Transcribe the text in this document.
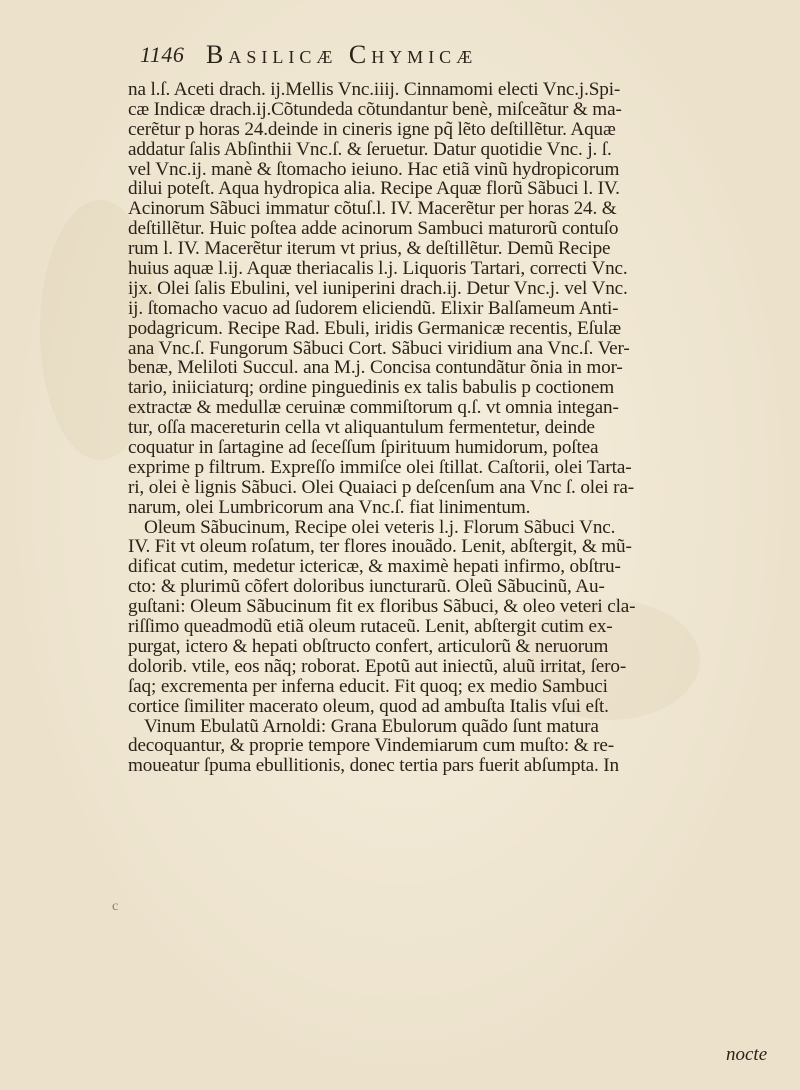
1146 Basilicæ Chymicæ
na l.ſ. Aceti drach. ij.Mellis Vnc.iiij. Cinnamomi electi Vnc.j.Spi-
cæ Indicæ drach.ij.Cõtundeda cõtundantur benè, miſceãtur & ma-
cerẽtur p horas 24.deinde in cineris igne pq̃ lẽto deſtillẽtur. Aquæ
addatur ſalis Abſinthii Vnc.ſ. & ſeruetur. Datur quotidie Vnc. j. ſ.
vel Vnc.ij. manè & ſtomacho ieiuno. Hac etiã vinũ hydropicorum
dilui poteſt. Aqua hydropica alia. Recipe Aquæ florũ Sãbuci l. IV.
Acinorum Sãbuci immatur cõtuſ.l. IV. Macerẽtur per horas 24. &
deſtillẽtur. Huic poſtea adde acinorum Sambuci maturorũ contuſo
rum l. IV. Macerẽtur iterum vt prius, & deſtillẽtur. Demũ Recipe
huius aquæ l.ij. Aquæ theriacalis l.j. Liquoris Tartari, correcti Vnc.
ijx. Olei ſalis Ebulini, vel iuniperini drach.ij. Detur Vnc.j. vel Vnc.
ij. ſtomacho vacuo ad ſudorem eliciendũ. Elixir Balſameum Anti-
podagricum. Recipe Rad. Ebuli, iridis Germanicæ recentis, Eſulæ
ana Vnc.ſ. Fungorum Sãbuci Cort. Sãbuci viridium ana Vnc.ſ. Ver-
benæ, Meliloti Succul. ana M.j. Concisa contundãtur õnia in mor-
tario, iniiciaturq; ordine pinguedinis ex talis babulis p coctionem
extractæ & medullæ ceruinæ commiſtorum q.ſ. vt omnia integan-
tur, oſſa macereturin cella vt aliquantulum fermentetur, deinde
coquatur in ſartagine ad ſeceſſum ſpirituum humidorum, poſtea
exprime p filtrum. Expreſſo immiſce olei ſtillat. Caſtorii, olei Tarta-
ri, olei è lignis Sãbuci. Olei Quaiaci p deſcenſum ana Vnc ſ. olei ra-
narum, olei Lumbricorum ana Vnc.ſ. fiat linimentum.
Oleum Sãbucinum, Recipe olei veteris l.j. Florum Sãbuci Vnc.
IV. Fit vt oleum roſatum, ter flores inouãdo. Lenit, abſtergit, & mũ-
dificat cutim, medetur ictericæ, & maximè hepati infirmo, obſtru-
cto: & plurimũ cõfert doloribus iuncturarũ. Oleũ Sãbucinũ, Au-
guſtani: Oleum Sãbucinum fit ex floribus Sãbuci, & oleo veteri cla-
riſſimo queadmodũ etiã oleum rutaceũ. Lenit, abſtergit cutim ex-
purgat, ictero & hepati obſtructo confert, articulorũ & neruorum
dolorib. vtile, eos nãq; roborat. Epotũ aut iniectũ, aluũ irritat, ſero-
ſaq; excrementa per inferna educit. Fit quoq; ex medio Sambuci
cortice ſimiliter macerato oleum, quod ad ambuſta Italis vſui eſt.
Vinum Ebulatũ Arnoldi: Grana Ebulorum quãdo ſunt matura
decoquantur, & proprie tempore Vindemiarum cum muſto: & re-
moueatur ſpuma ebullitionis, donec tertia pars fuerit abſumpta. In
c
nocte
